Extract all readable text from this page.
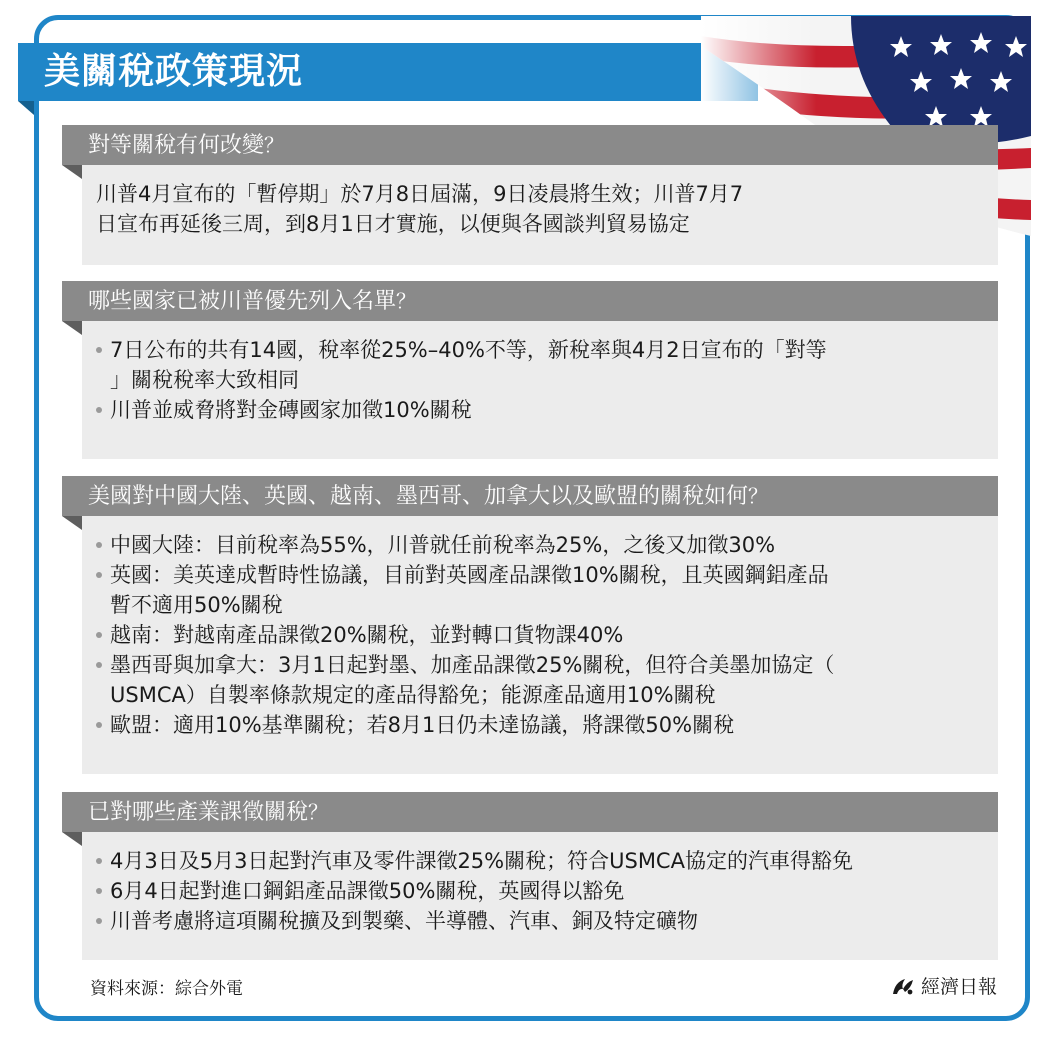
美關稅政策現況
對等關稅有何改變？
川普4月宣布的「暫停期」於7月8日屆滿，9日凌晨將生效；川普7月7
日宣布再延後三周，到8月1日才實施，以便與各國談判貿易協定
哪些國家已被川普優先列入名單？
7日公布的共有14國，稅率從25%–40%不等，新稅率與4月2日宣布的「對等
」關稅稅率大致相同
川普並威脅將對金磚國家加徵10%關稅
美國對中國大陸、英國、越南、墨西哥、加拿大以及歐盟的關稅如何？
中國大陸：目前稅率為55%，川普就任前稅率為25%，之後又加徵30%
英國：美英達成暫時性協議，目前對英國產品課徵10%關稅，且英國鋼鋁產品
暫不適用50%關稅
越南：對越南產品課徵20%關稅，並對轉口貨物課40%
墨西哥與加拿大：3月1日起對墨、加產品課徵25%關稅，但符合美墨加協定（
USMCA）自製率條款規定的產品得豁免；能源產品適用10%關稅
歐盟：適用10%基準關稅；若8月1日仍未達協議，將課徵50%關稅
已對哪些產業課徵關稅？
4月3日及5月3日起對汽車及零件課徵25%關稅；符合USMCA協定的汽車得豁免
6月4日起對進口鋼鋁產品課徵50%關稅，英國得以豁免
川普考慮將這項關稅擴及到製藥、半導體、汽車、銅及特定礦物
資料來源：綜合外電	經濟日報
